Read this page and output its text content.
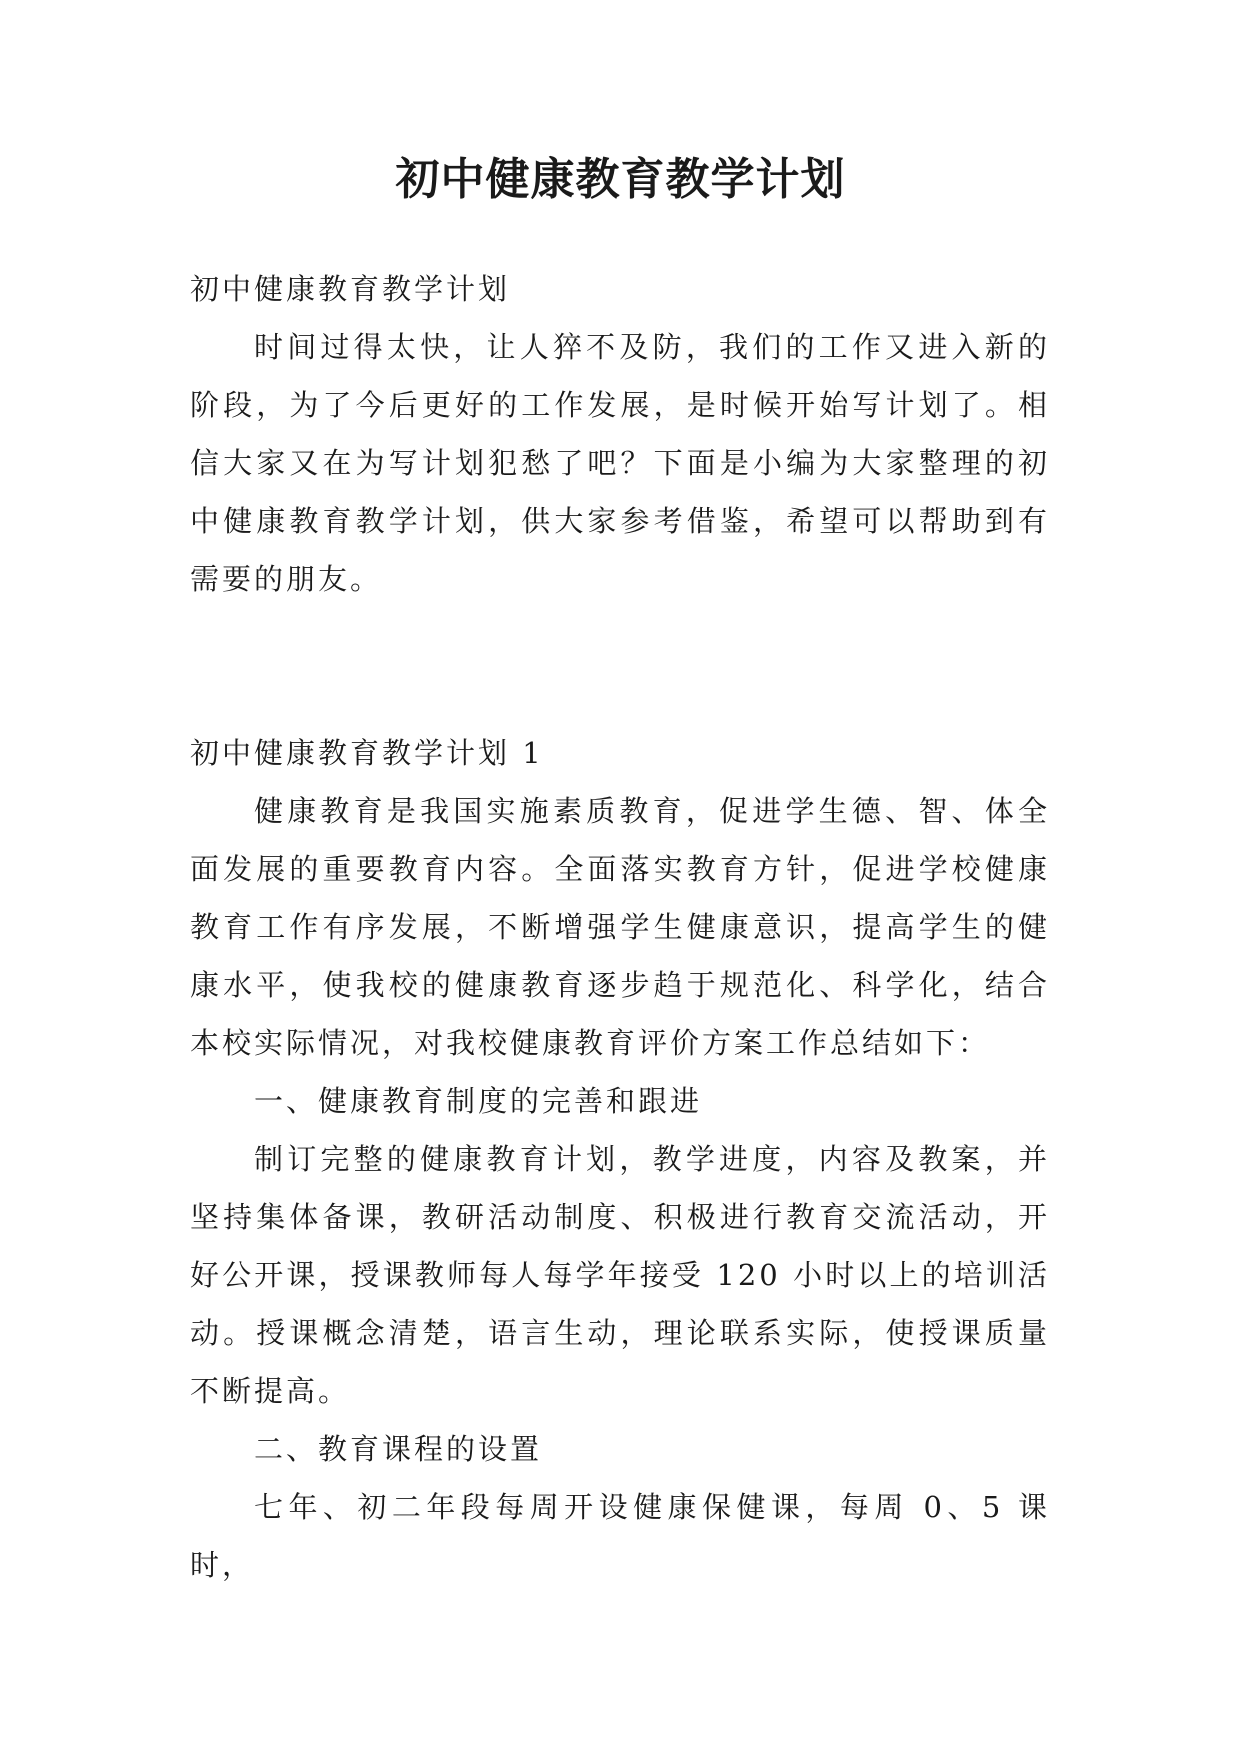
初中健康教育教学计划

初中健康教育教学计划

时间过得太快，让人猝不及防，我们的工作又进入新的阶段，为了今后更好的工作发展，是时候开始写计划了。相信大家又在为写计划犯愁了吧？下面是小编为大家整理的初中健康教育教学计划，供大家参考借鉴，希望可以帮助到有需要的朋友。

初中健康教育教学计划 1

健康教育是我国实施素质教育，促进学生德、智、体全面发展的重要教育内容。全面落实教育方针，促进学校健康教育工作有序发展，不断增强学生健康意识，提高学生的健康水平，使我校的健康教育逐步趋于规范化、科学化，结合本校实际情况，对我校健康教育评价方案工作总结如下：

一、健康教育制度的完善和跟进

制订完整的健康教育计划，教学进度，内容及教案，并坚持集体备课，教研活动制度、积极进行教育交流活动，开好公开课，授课教师每人每学年接受 120 小时以上的培训活动。授课概念清楚，语言生动，理论联系实际，使授课质量不断提高。

二、教育课程的设置

七年、初二年段每周开设健康保健课，每周 0、5 课时，
